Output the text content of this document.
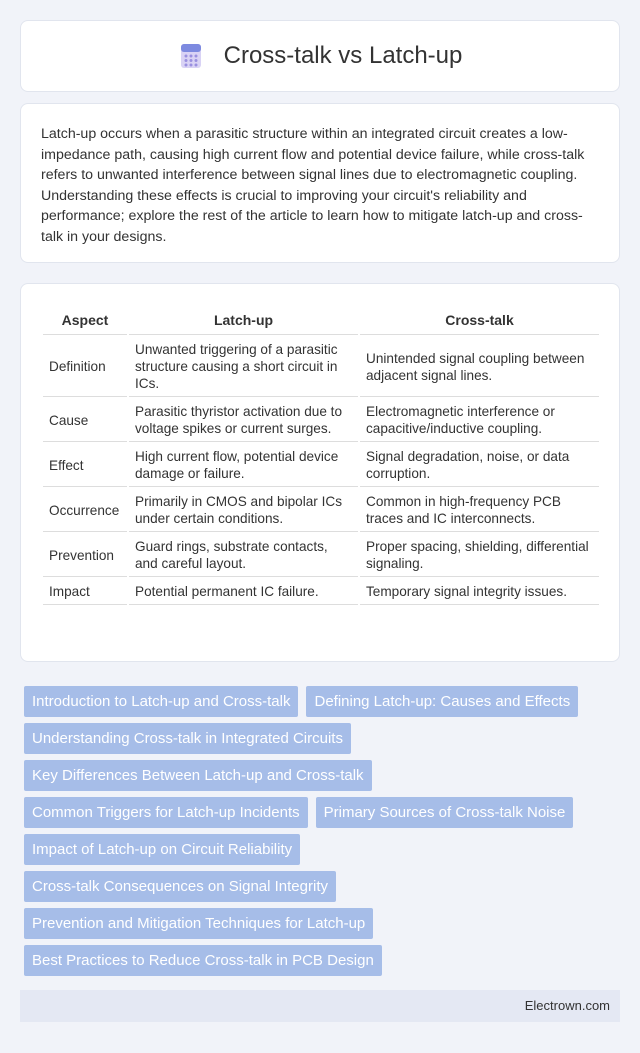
Cross-talk vs Latch-up

Latch-up occurs when a parasitic structure within an integrated circuit creates a low-impedance path, causing high current flow and potential device failure, while cross-talk refers to unwanted interference between signal lines due to electromagnetic coupling. Understanding these effects is crucial to improving your circuit's reliability and performance; explore the rest of the article to learn how to mitigate latch-up and cross-talk in your designs.

Aspect	Latch-up	Cross-talk
Definition	Unwanted triggering of a parasitic structure causing a short circuit in ICs.	Unintended signal coupling between adjacent signal lines.
Cause	Parasitic thyristor activation due to voltage spikes or current surges.	Electromagnetic interference or capacitive/inductive coupling.
Effect	High current flow, potential device damage or failure.	Signal degradation, noise, or data corruption.
Occurrence	Primarily in CMOS and bipolar ICs under certain conditions.	Common in high-frequency PCB traces and IC interconnects.
Prevention	Guard rings, substrate contacts, and careful layout.	Proper spacing, shielding, differential signaling.
Impact	Potential permanent IC failure.	Temporary signal integrity issues.
Introduction to Latch-up and Cross-talk	Defining Latch-up: Causes and Effects
Understanding Cross-talk in Integrated Circuits
Key Differences Between Latch-up and Cross-talk
Common Triggers for Latch-up Incidents	Primary Sources of Cross-talk Noise
Impact of Latch-up on Circuit Reliability
Cross-talk Consequences on Signal Integrity
Prevention and Mitigation Techniques for Latch-up
Best Practices to Reduce Cross-talk in PCB Design
Electrown.com
